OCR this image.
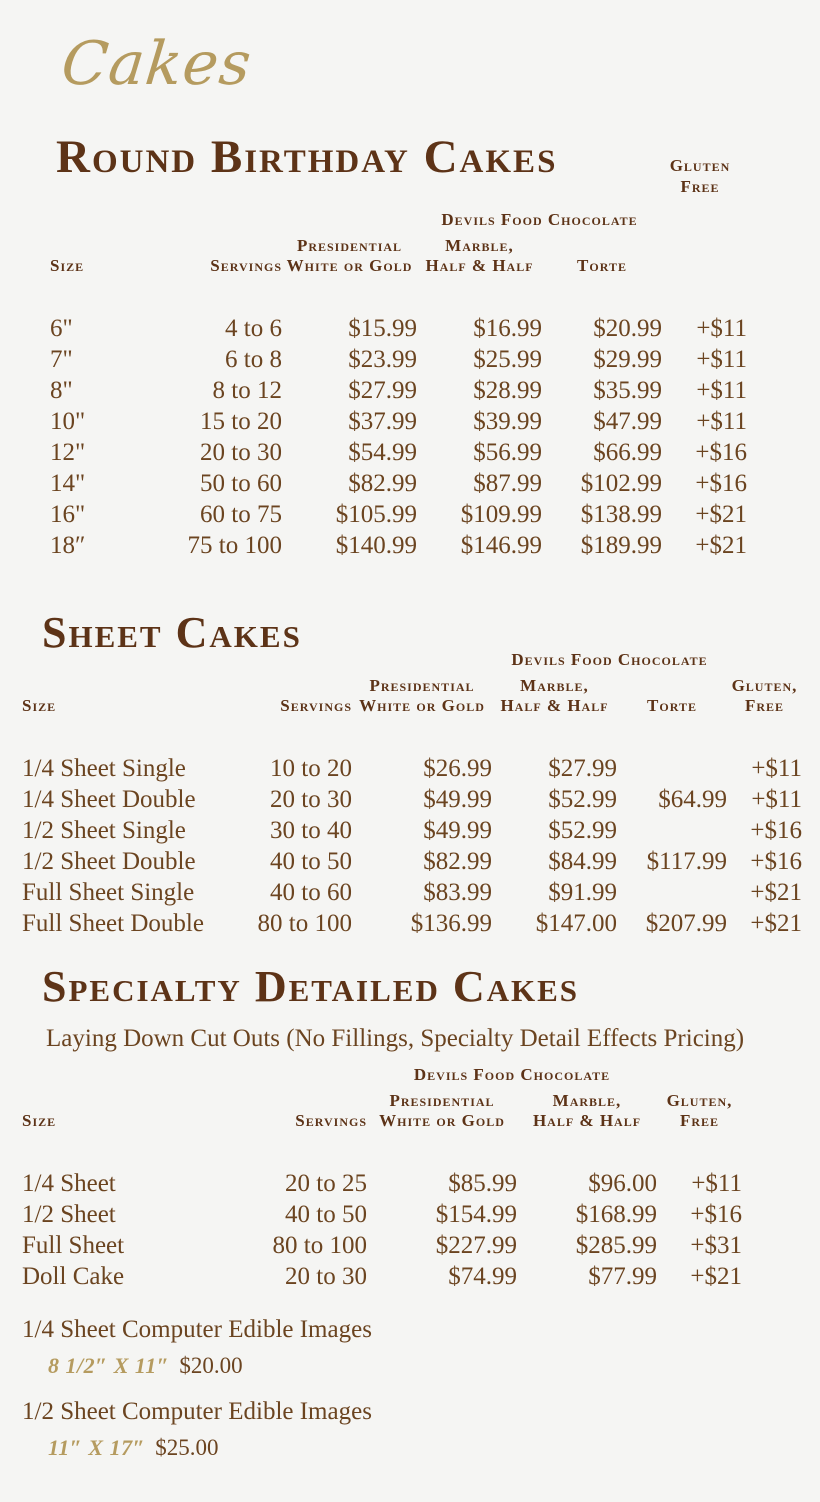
Cakes
Round Birthday Cakes	Gluten
Free
			Devils Food Chocolate		
Size	Servings	
Presidential
White or Gold

Marble,
Half & Half	Torte	

6"	4 to 6	$15.99	$16.99	$20.99	+$11
7"	6 to 8	$23.99	$25.99	$29.99	+$11
8"	8 to 12	$27.99	$28.99	$35.99	+$11
10"	15 to 20	$37.99	$39.99	$47.99	+$11
12"	20 to 30	$54.99	$56.99	$66.99	+$16
14"	50 to 60	$82.99	$87.99	$102.99	+$16
16"	60 to 75	$105.99	$109.99	$138.99	+$21
18″	75 to 100	$140.99	$146.99	$189.99	+$21
Sheet Cakes
			Devils Food Chocolate		
Size	Servings	
Presidential
White or Gold

Marble,
Half & Half	Torte	
Gluten,
Free

1/4 Sheet Single	10 to 20	$26.99	$27.99		+$11
1/4 Sheet Double	20 to 30	$49.99	$52.99	$64.99	+$11
1/2 Sheet Single	30 to 40	$49.99	$52.99		+$16
1/2 Sheet Double	40 to 50	$82.99	$84.99	$117.99	+$16
Full Sheet Single	40 to 60	$83.99	$91.99		+$21
Full Sheet Double	80 to 100	$136.99	$147.00	$207.99	+$21
Specialty Detailed Cakes
Laying Down Cut Outs (No Fillings, Specialty Detail Effects Pricing)
		Devils Food Chocolate		
Size	Servings	
Presidential
White or Gold

Marble,
Half & Half

Gluten,
Free

1/4 Sheet	20 to 25	$85.99	$96.00	+$11
1/2 Sheet	40 to 50	$154.99	$168.99	+$16
Full Sheet	80 to 100	$227.99	$285.99	+$31
Doll Cake	20 to 30	$74.99	$77.99	+$21
1/4 Sheet Computer Edible Images
8 1/2″ X 11″ $20.00
1/2 Sheet Computer Edible Images
11″ X 17″ $25.00
